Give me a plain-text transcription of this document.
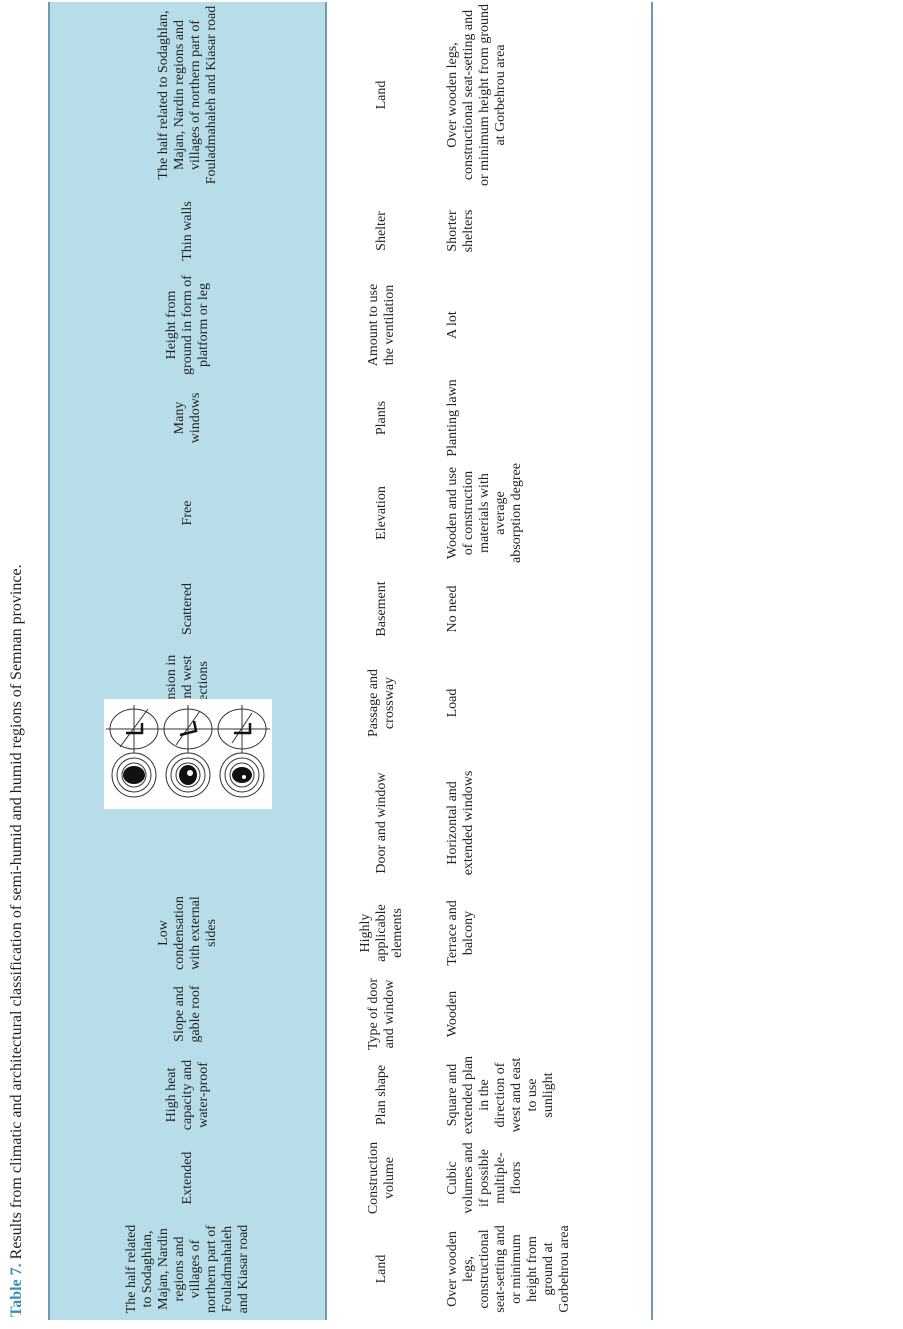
Table 7. Results from climatic and architectural classification of semi-humid and humid regions of Semnan province.
The half related to Sodaghlan, Majan, Nardin regions and villages of northern part of Fouladmahaleh and Kiasar road
Extended
High heat capacity and water-proof
Slope and gable roof
Low condensation with external sides
Scattered
Free
Many windows
Height from ground in form of platform or leg
Thin walls
The half related to Sodaghlan, Majan, Nardin regions and villages of northern part of Fouladmahaleh and Kiasar road
Land
Construction volume
Plan shape
Type of door and window
Highly applicable elements
Door and window
Passage and crossway
Basement
Elevation
Plants
Amount to use the ventilation
Shelter
Land
Over wooden legs, constructional seat-setting and or minimum height from ground at Gorbehrou area
Cubic volumes and if possible multiple-floors
Square and extended plan in the direction of west and east to use sunlight
Wooden
Terrace and balcony
Horizontal and extended windows
Load
No need
Wooden and use of construction materials with average absorption degree
Planting lawn
A lot
Shorter shelters
Over wooden legs, constructional seat-setting and or minimum height from ground at Gorbehrou area
